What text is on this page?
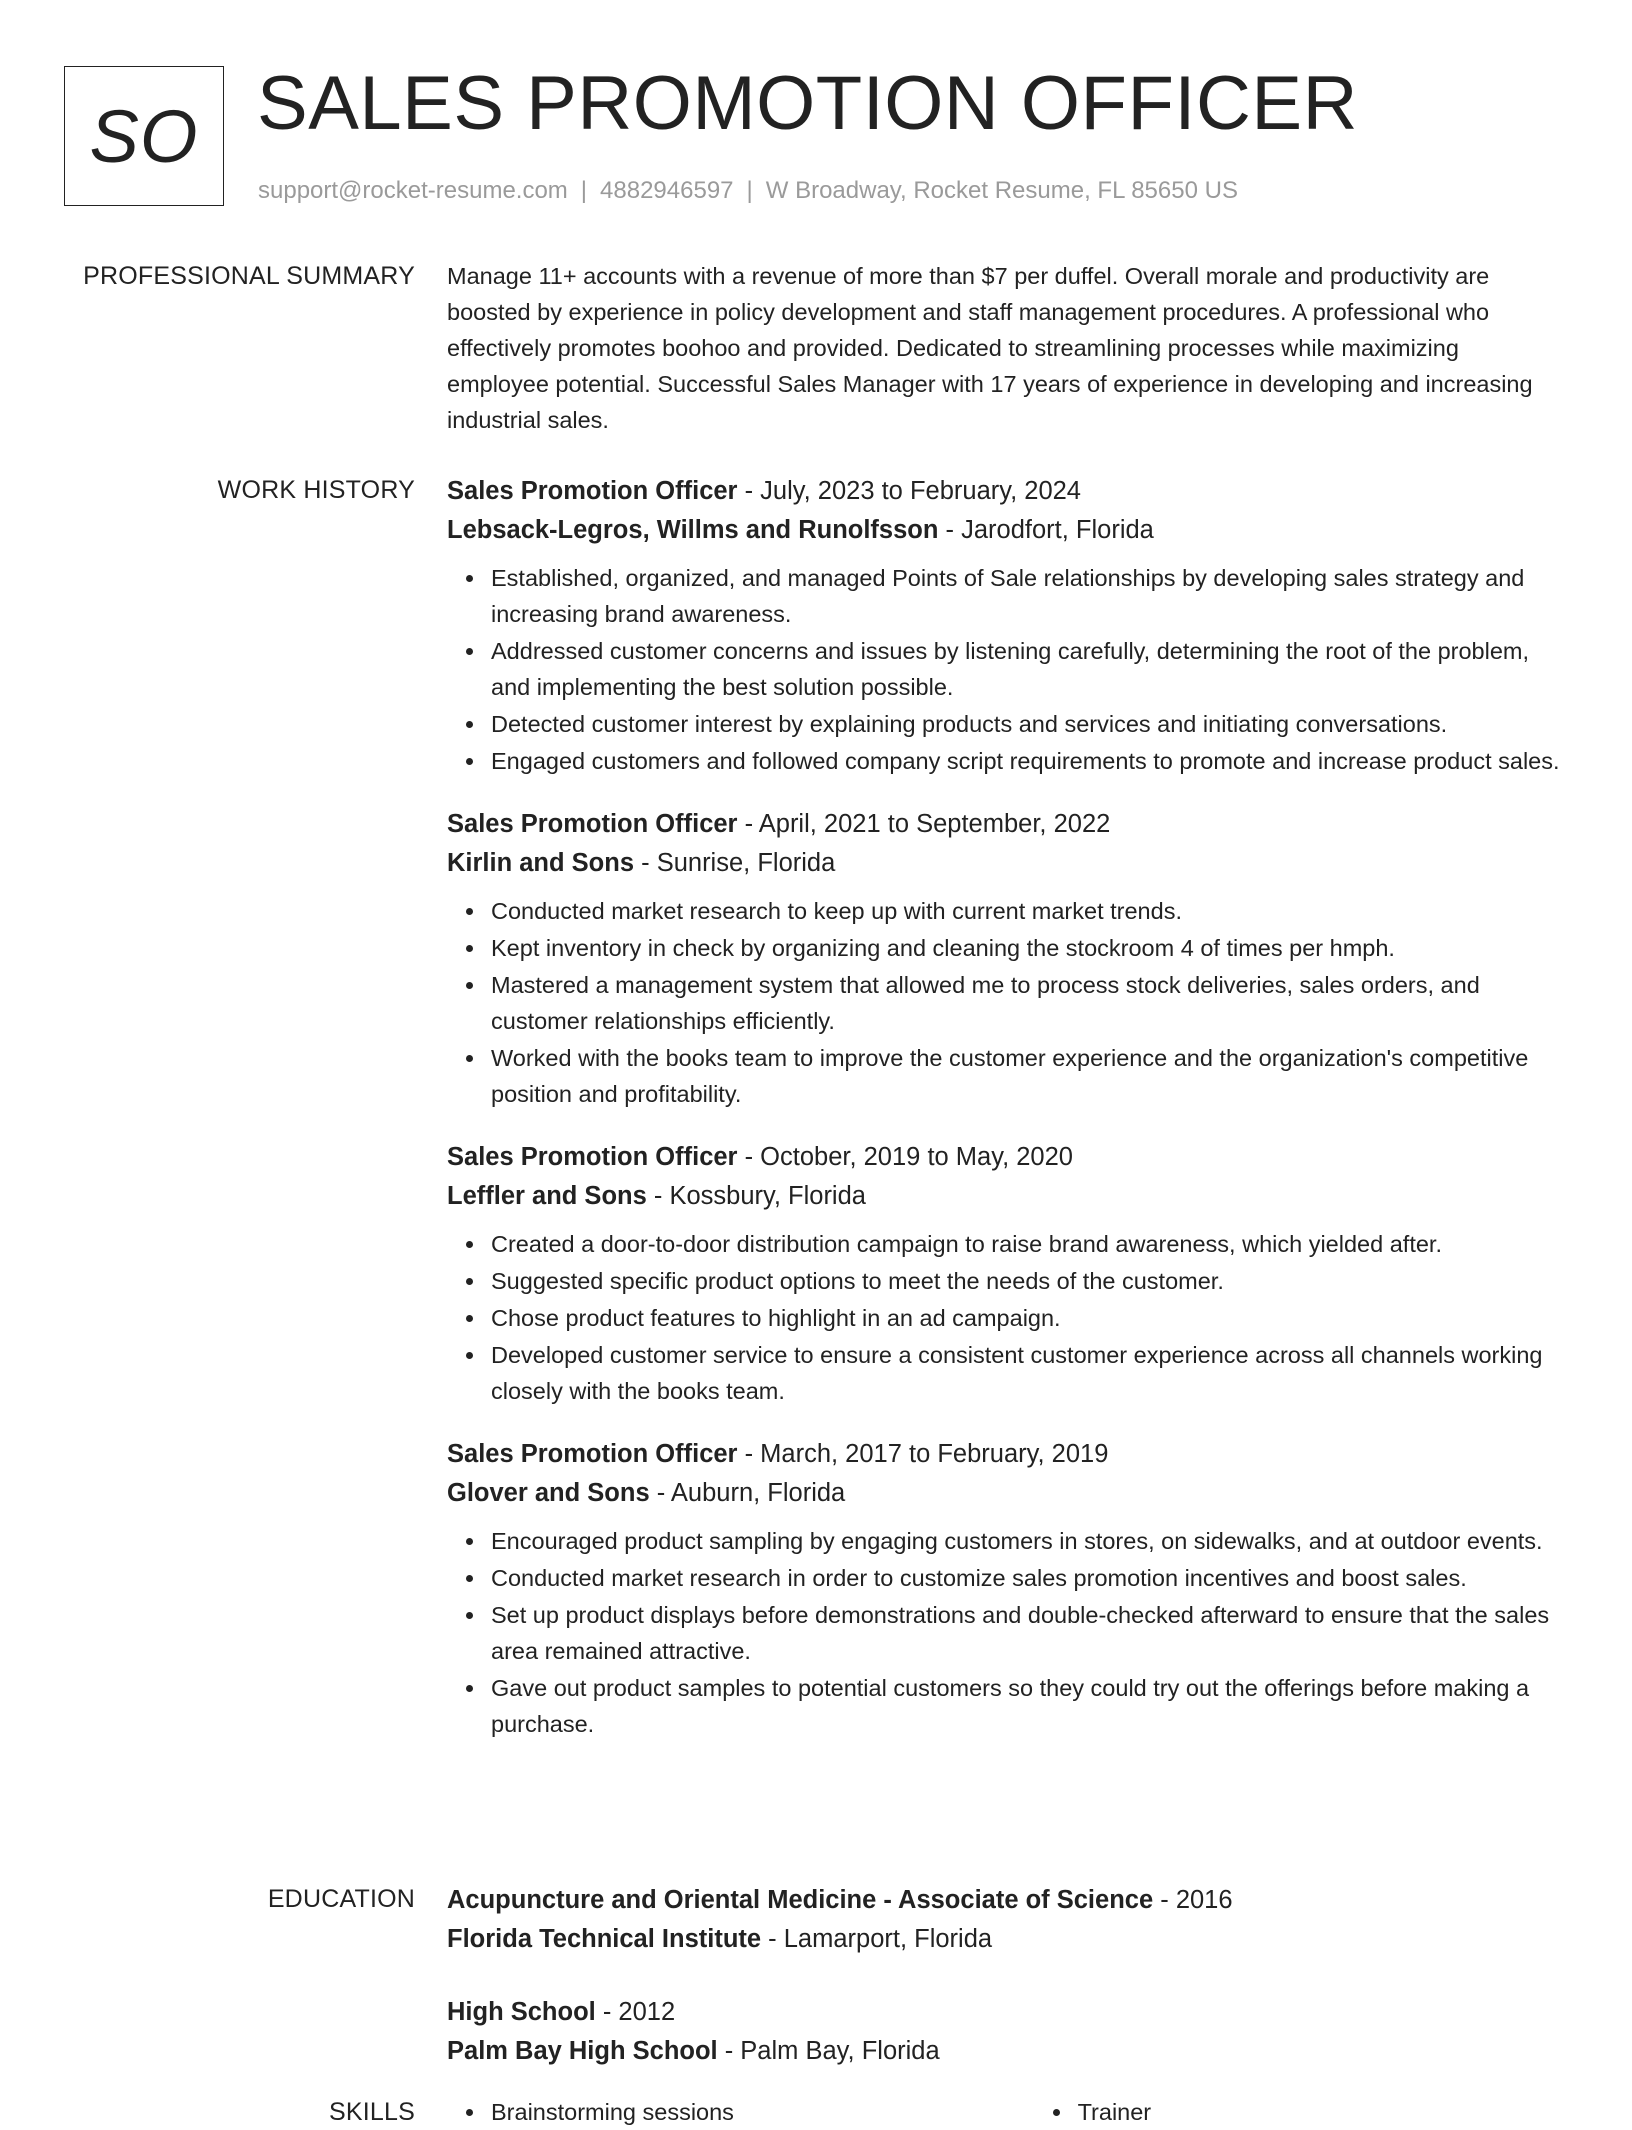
SO SALES PROMOTION OFFICER
support@rocket-resume.com | 4882946597 | W Broadway, Rocket Resume, FL 85650 US
PROFESSIONAL SUMMARY Manage 11+ accounts with a revenue of more than $7 per duffel. Overall morale and productivity are boosted by experience in policy development and staff management procedures. A professional who effectively promotes boohoo and provided. Dedicated to streamlining processes while maximizing employee potential. Successful Sales Manager with 17 years of experience in developing and increasing industrial sales.

WORK HISTORY Sales Promotion Officer - July, 2023 to February, 2024
Lebsack-Legros, Willms and Runolfsson - Jarodfort, Florida
Established, organized, and managed Points of Sale relationships by developing sales strategy and increasing brand awareness.
Addressed customer concerns and issues by listening carefully, determining the root of the problem, and implementing the best solution possible.
Detected customer interest by explaining products and services and initiating conversations.
Engaged customers and followed company script requirements to promote and increase product sales.
Sales Promotion Officer - April, 2021 to September, 2022
Kirlin and Sons - Sunrise, Florida
Conducted market research to keep up with current market trends.
Kept inventory in check by organizing and cleaning the stockroom 4 of times per hmph.
Mastered a management system that allowed me to process stock deliveries, sales orders, and customer relationships efficiently.
Worked with the books team to improve the customer experience and the organization's competitive position and profitability.
Sales Promotion Officer - October, 2019 to May, 2020
Leffler and Sons - Kossbury, Florida
Created a door-to-door distribution campaign to raise brand awareness, which yielded after.
Suggested specific product options to meet the needs of the customer.
Chose product features to highlight in an ad campaign.
Developed customer service to ensure a consistent customer experience across all channels working closely with the books team.
Sales Promotion Officer - March, 2017 to February, 2019
Glover and Sons - Auburn, Florida
Encouraged product sampling by engaging customers in stores, on sidewalks, and at outdoor events.
Conducted market research in order to customize sales promotion incentives and boost sales.
Set up product displays before demonstrations and double-checked afterward to ensure that the sales area remained attractive.
Gave out product samples to potential customers so they could try out the offerings before making a purchase.
EDUCATION Acupuncture and Oriental Medicine - Associate of Science - 2016
Florida Technical Institute - Lamarport, Florida
High School - 2012
Palm Bay High School - Palm Bay, Florida
SKILLS	Brainstorming sessions	Trainer
